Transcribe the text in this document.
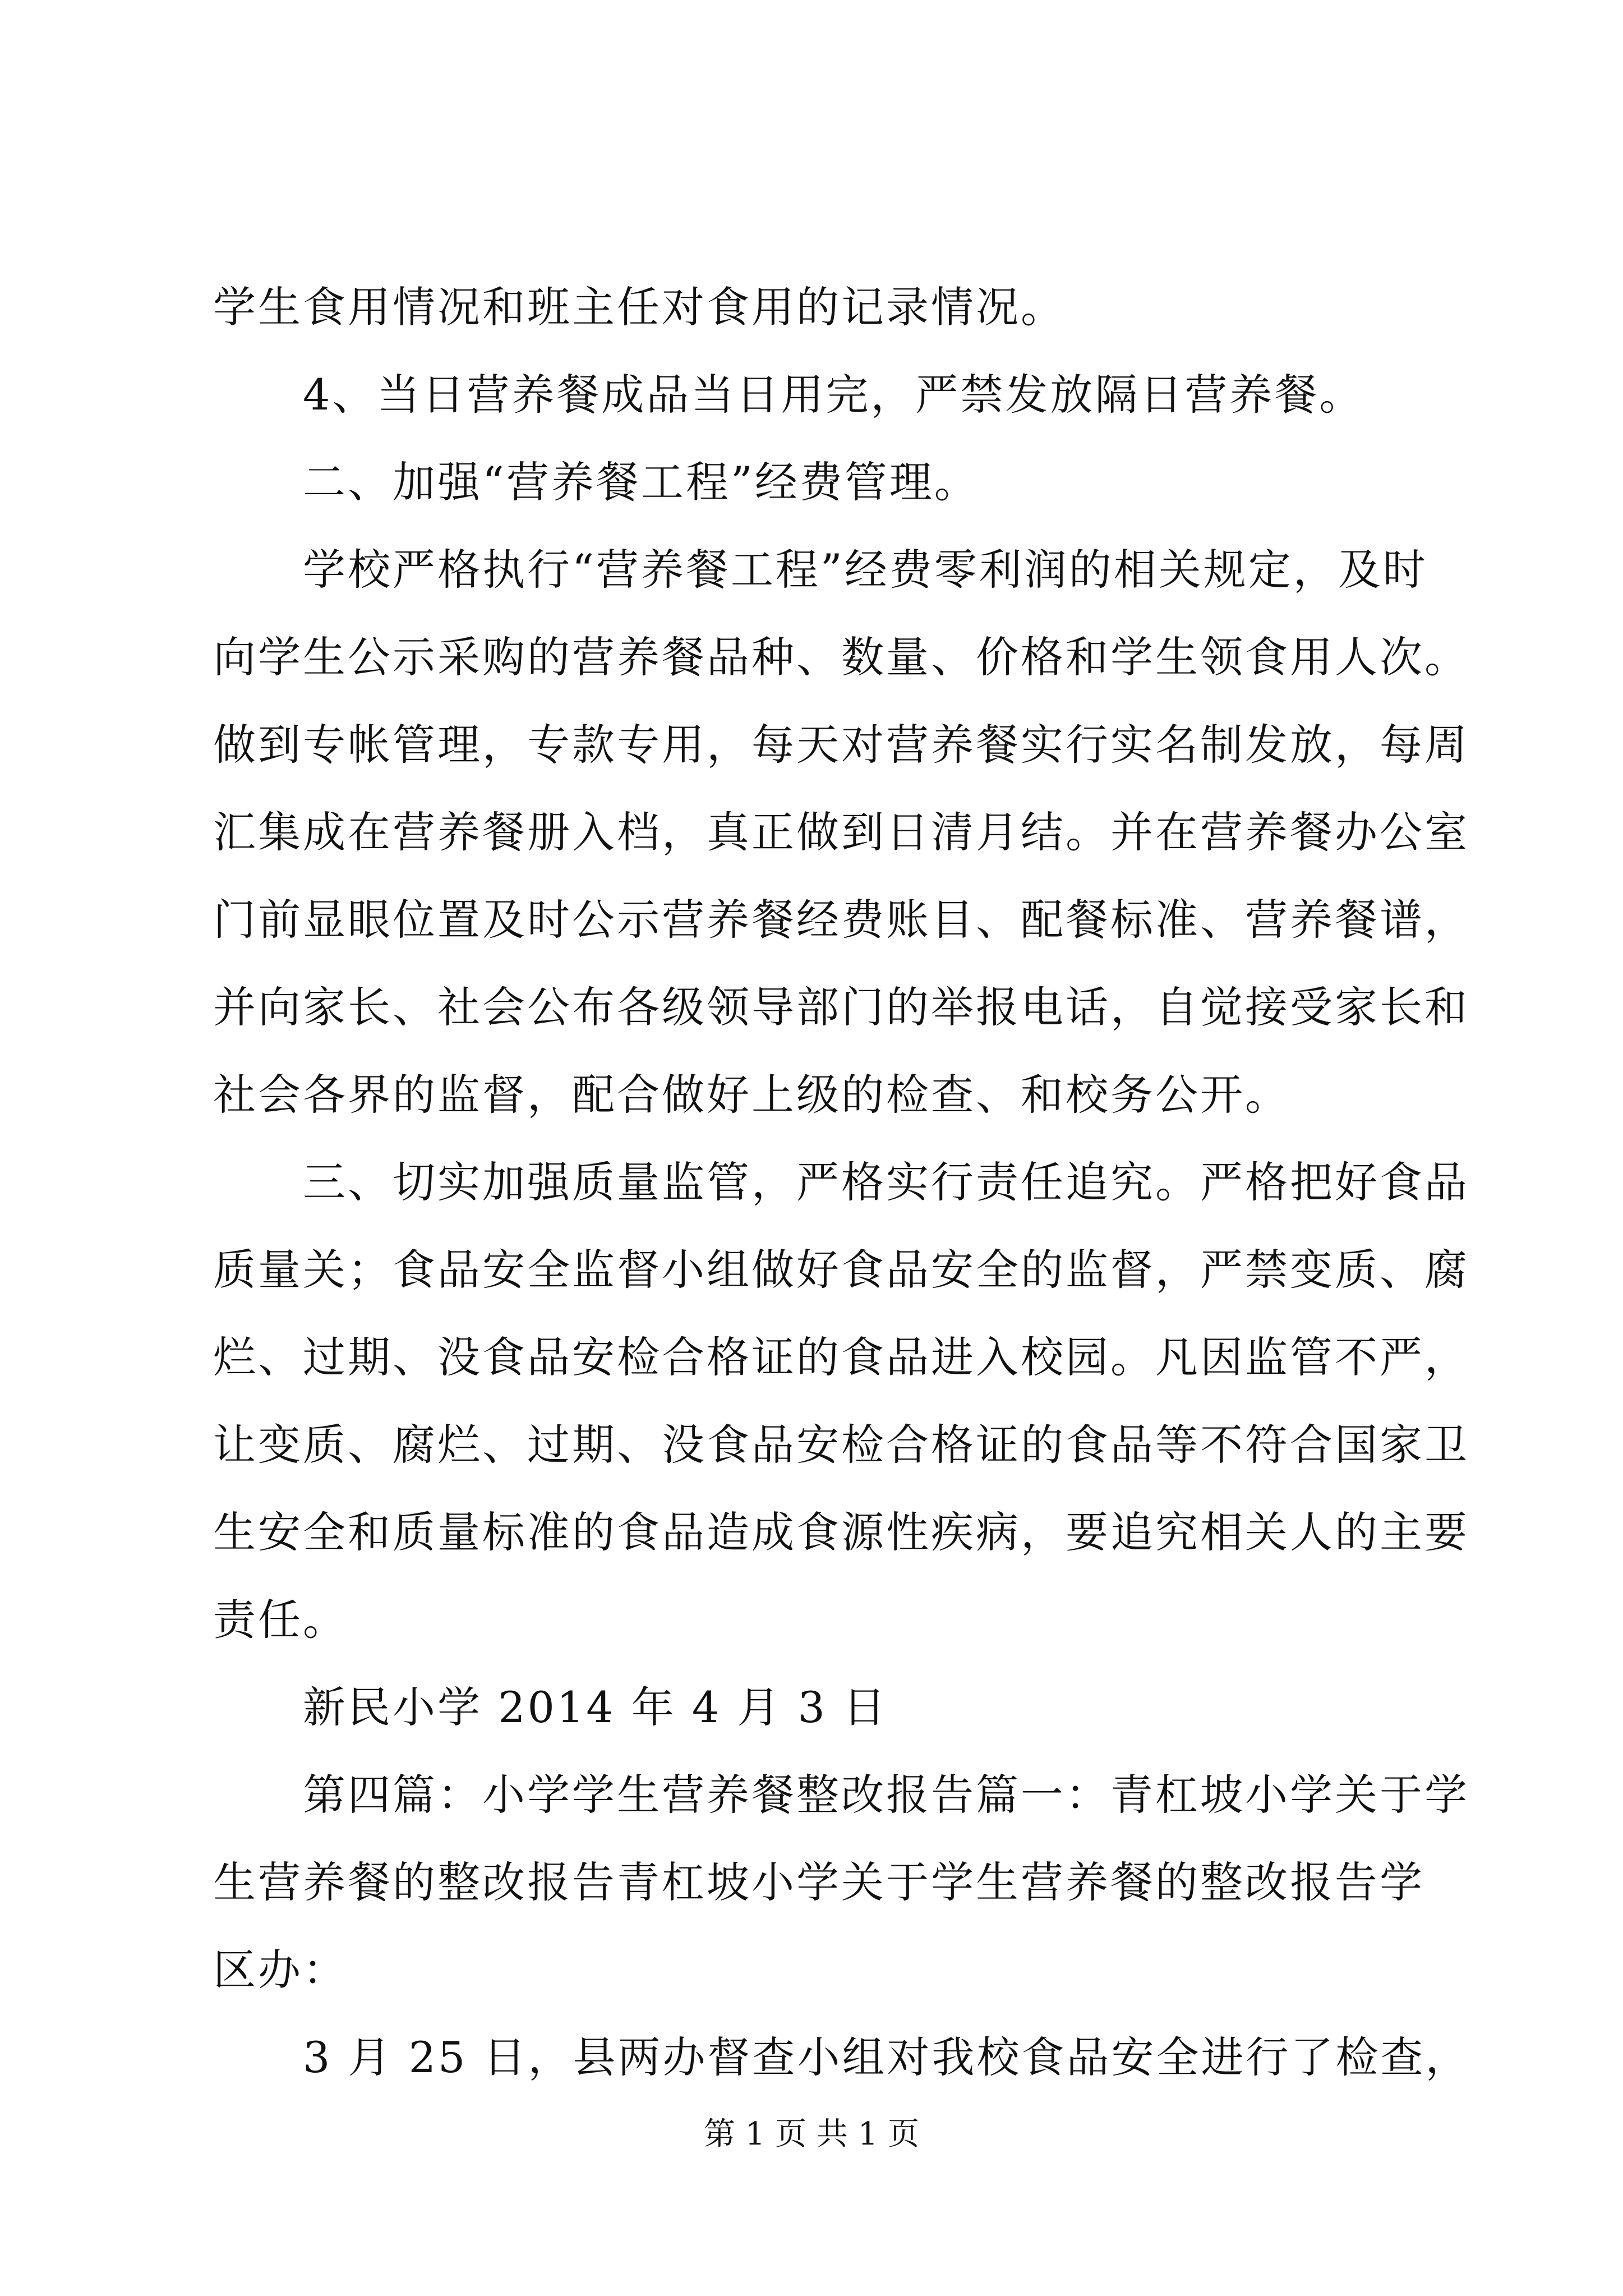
学生食用情况和班主任对食用的记录情况。
　　4、当日营养餐成品当日用完，严禁发放隔日营养餐。
　　二、加强“营养餐工程”经费管理。
　　学校严格执行“营养餐工程”经费零利润的相关规定，及时
向学生公示采购的营养餐品种、数量、价格和学生领食用人次。
做到专帐管理，专款专用，每天对营养餐实行实名制发放，每周
汇集成在营养餐册入档，真正做到日清月结。并在营养餐办公室
门前显眼位置及时公示营养餐经费账目、配餐标准、营养餐谱，
并向家长、社会公布各级领导部门的举报电话，自觉接受家长和
社会各界的监督，配合做好上级的检查、和校务公开。
　　三、切实加强质量监管，严格实行责任追究。严格把好食品
质量关；食品安全监督小组做好食品安全的监督，严禁变质、腐
烂、过期、没食品安检合格证的食品进入校园。凡因监管不严，
让变质、腐烂、过期、没食品安检合格证的食品等不符合国家卫
生安全和质量标准的食品造成食源性疾病，要追究相关人的主要
责任。
　　新民小学 2014 年 4 月 3 日
　　第四篇：小学学生营养餐整改报告篇一：青杠坡小学关于学
生营养餐的整改报告青杠坡小学关于学生营养餐的整改报告学
区办：
　　3 月 25 日，县两办督查小组对我校食品安全进行了检查，
第 1 页 共 1 页
